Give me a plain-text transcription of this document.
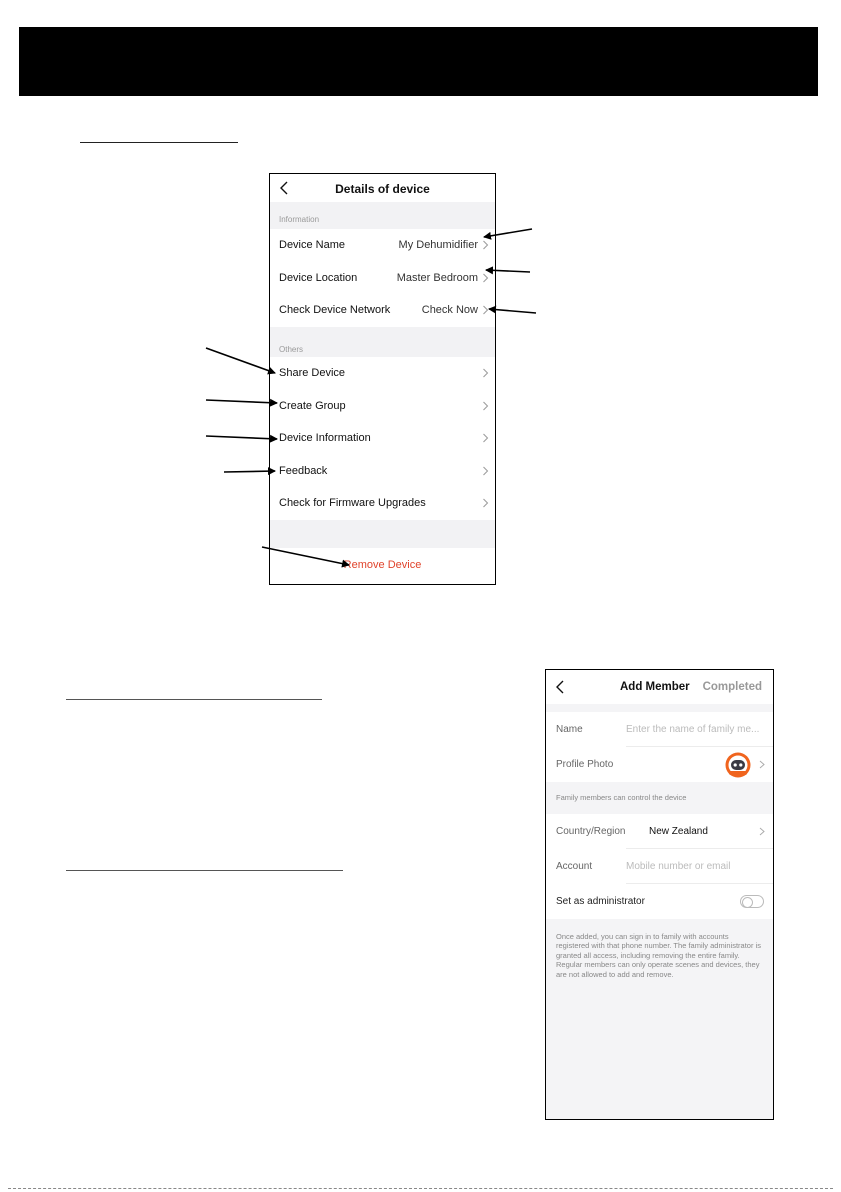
Details of device
Information
Device Name	My Dehumidifier
Device Location	Master Bedroom
Check Device Network	Check Now
Others
Share Device
Create Group
Device Information
Feedback
Check for Firmware Upgrades
Remove Device
Add Member Completed
Name	Enter the name of family me...
Profile Photo
Family members can control the device
Country/Region New Zealand
Account	Mobile number or email
Set as administrator
Once added, you can sign in to family with accounts registered with that phone number. The family administrator is granted all access, including removing the entire family. Regular members can only operate scenes and devices, they are not allowed to add and remove.
